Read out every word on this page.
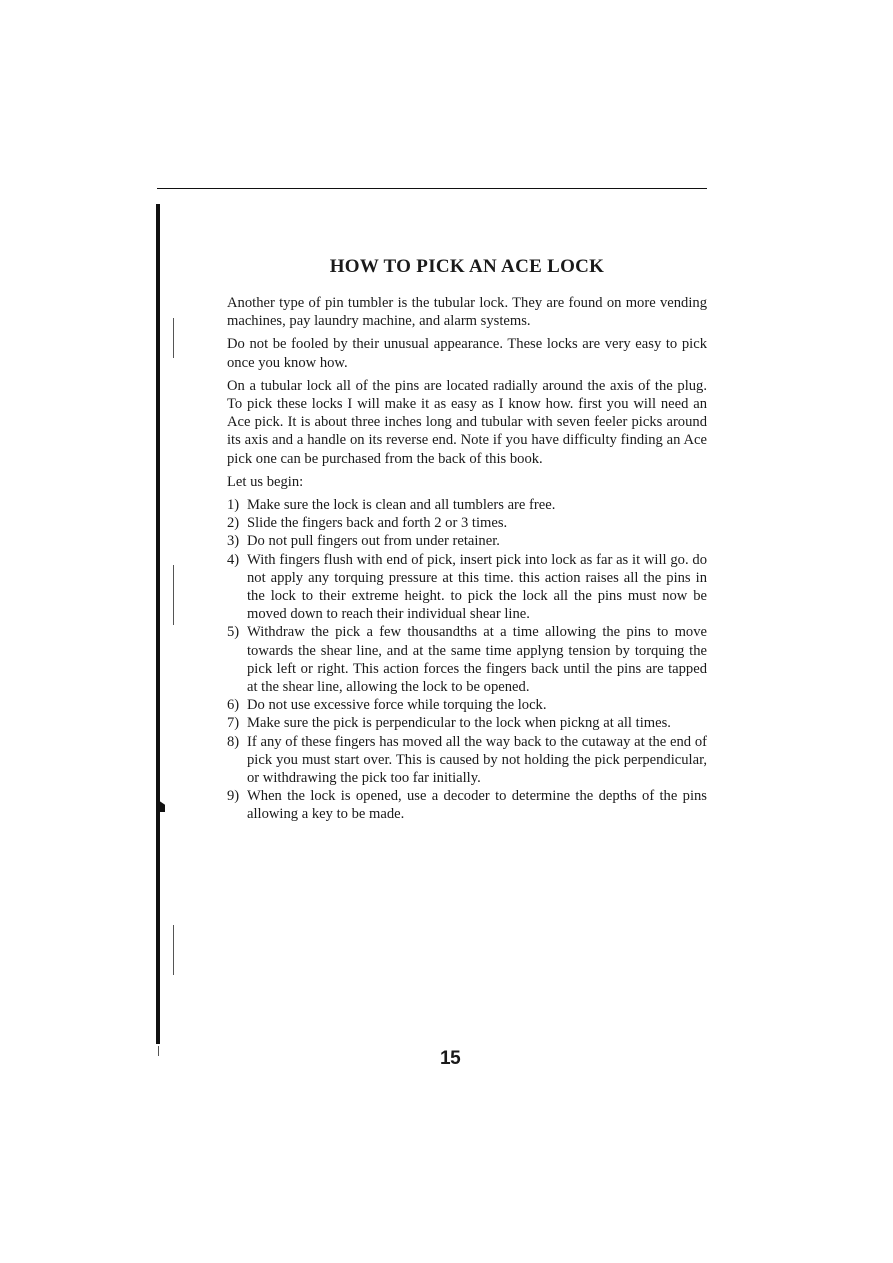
HOW TO PICK AN ACE LOCK

Another type of pin tumbler is the tubular lock. They are found on more vending machines, pay laundry machine, and alarm systems.

Do not be fooled by their unusual appearance. These locks are very easy to pick once you know how.

On a tubular lock all of the pins are located radially around the axis of the plug. To pick these locks I will make it as easy as I know how. first you will need an Ace pick. It is about three inches long and tubular with seven feeler picks around its axis and a handle on its reverse end. Note if you have difficulty finding an Ace pick one can be purchased from the back of this book.

Let us begin:

1) Make sure the lock is clean and all tumblers are free.
2) Slide the fingers back and forth 2 or 3 times.
3) Do not pull fingers out from under retainer.
4) With fingers flush with end of pick, insert pick into lock as far as it will go. do not apply any torquing pressure at this time. this action raises all the pins in the lock to their extreme height. to pick the lock all the pins must now be moved down to reach their individual shear line.
5) Withdraw the pick a few thousandths at a time allowing the pins to move towards the shear line, and at the same time applyng tension by torquing the pick left or right. This action forces the fingers back until the pins are tapped at the shear line, allowing the lock to be opened.
6) Do not use excessive force while torquing the lock.
7) Make sure the pick is perpendicular to the lock when pickng at all times.
8) If any of these fingers has moved all the way back to the cutaway at the end of pick you must start over. This is caused by not holding the pick perpendicular, or withdrawing the pick too far initially.
9) When the lock is opened, use a decoder to determine the depths of the pins allowing a key to be made.
15
